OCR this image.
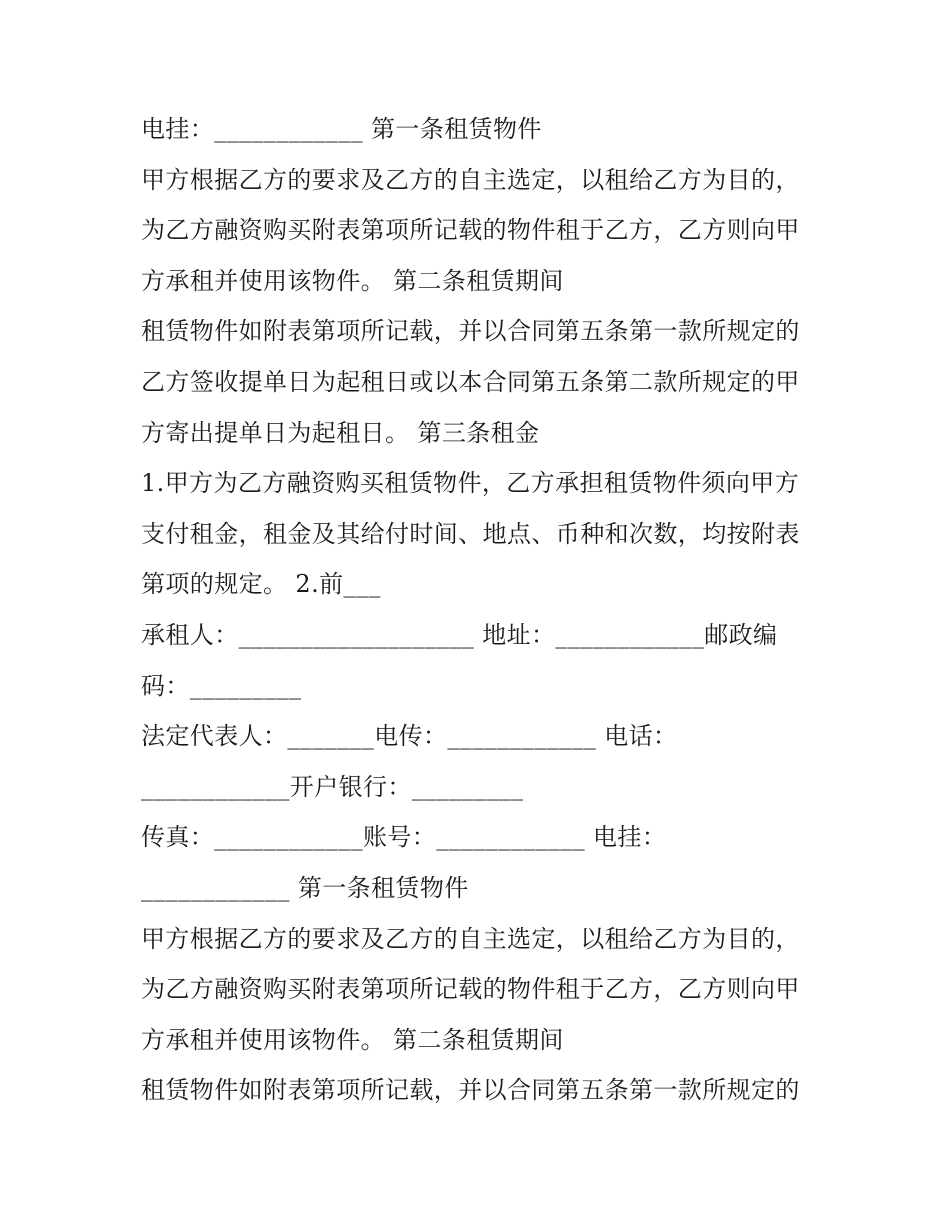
电挂：____________ 第一条租赁物件
甲方根据乙方的要求及乙方的自主选定，以租给乙方为目的，
为乙方融资购买附表第项所记载的物件租于乙方，乙方则向甲
方承租并使用该物件。 第二条租赁期间
租赁物件如附表第项所记载，并以合同第五条第一款所规定的
乙方签收提单日为起租日或以本合同第五条第二款所规定的甲
方寄出提单日为起租日。 第三条租金
1.甲方为乙方融资购买租赁物件，乙方承担租赁物件须向甲方
支付租金，租金及其给付时间、地点、币种和次数，均按附表
第项的规定。 2.前___
承租人：___________________ 地址：____________邮政编
码：_________
法定代表人：_______电传：____________ 电话：
____________开户银行：_________
传真：____________账号：____________ 电挂：
____________ 第一条租赁物件
甲方根据乙方的要求及乙方的自主选定，以租给乙方为目的，
为乙方融资购买附表第项所记载的物件租于乙方，乙方则向甲
方承租并使用该物件。 第二条租赁期间
租赁物件如附表第项所记载，并以合同第五条第一款所规定的
